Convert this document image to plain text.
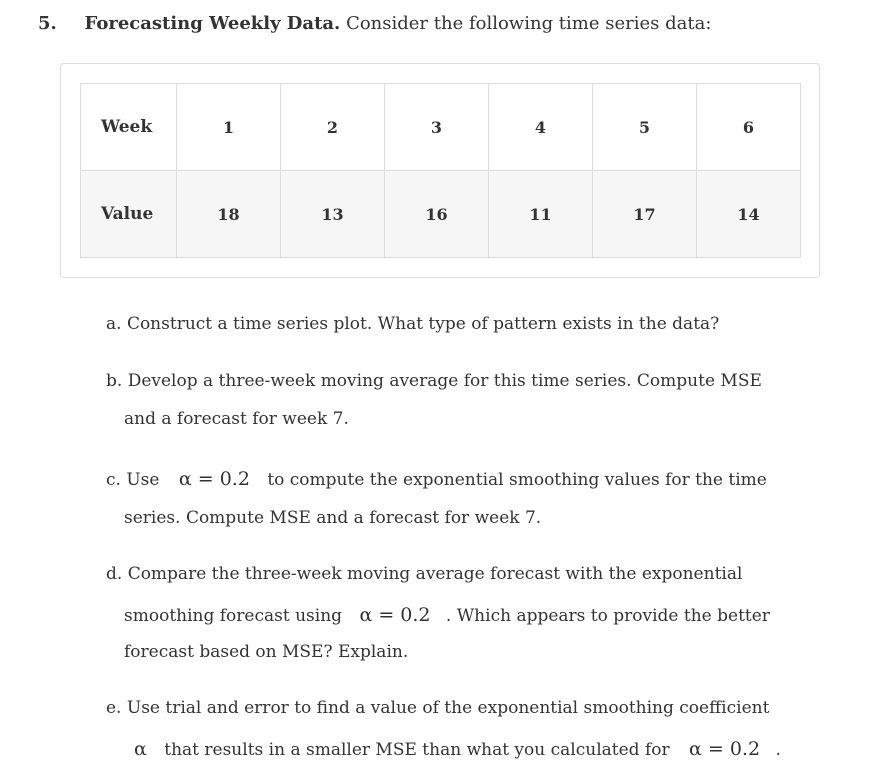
5. Forecasting Weekly Data. Consider the following time series data:
Week	1	2	3	4	5	6
Value	18	13	16	11	17	14
a. Construct a time series plot. What type of pattern exists in the data?
b. Develop a three-week moving average for this time series. Compute MSE
and a forecast for week 7.
c. Use α = 0.2 to compute the exponential smoothing values for the time
series. Compute MSE and a forecast for week 7.
d. Compare the three-week moving average forecast with the exponential
smoothing forecast using α = 0.2 . Which appears to provide the better
forecast based on MSE? Explain.
e. Use trial and error to find a value of the exponential smoothing coefficient
α that results in a smaller MSE than what you calculated for α = 0.2 .
